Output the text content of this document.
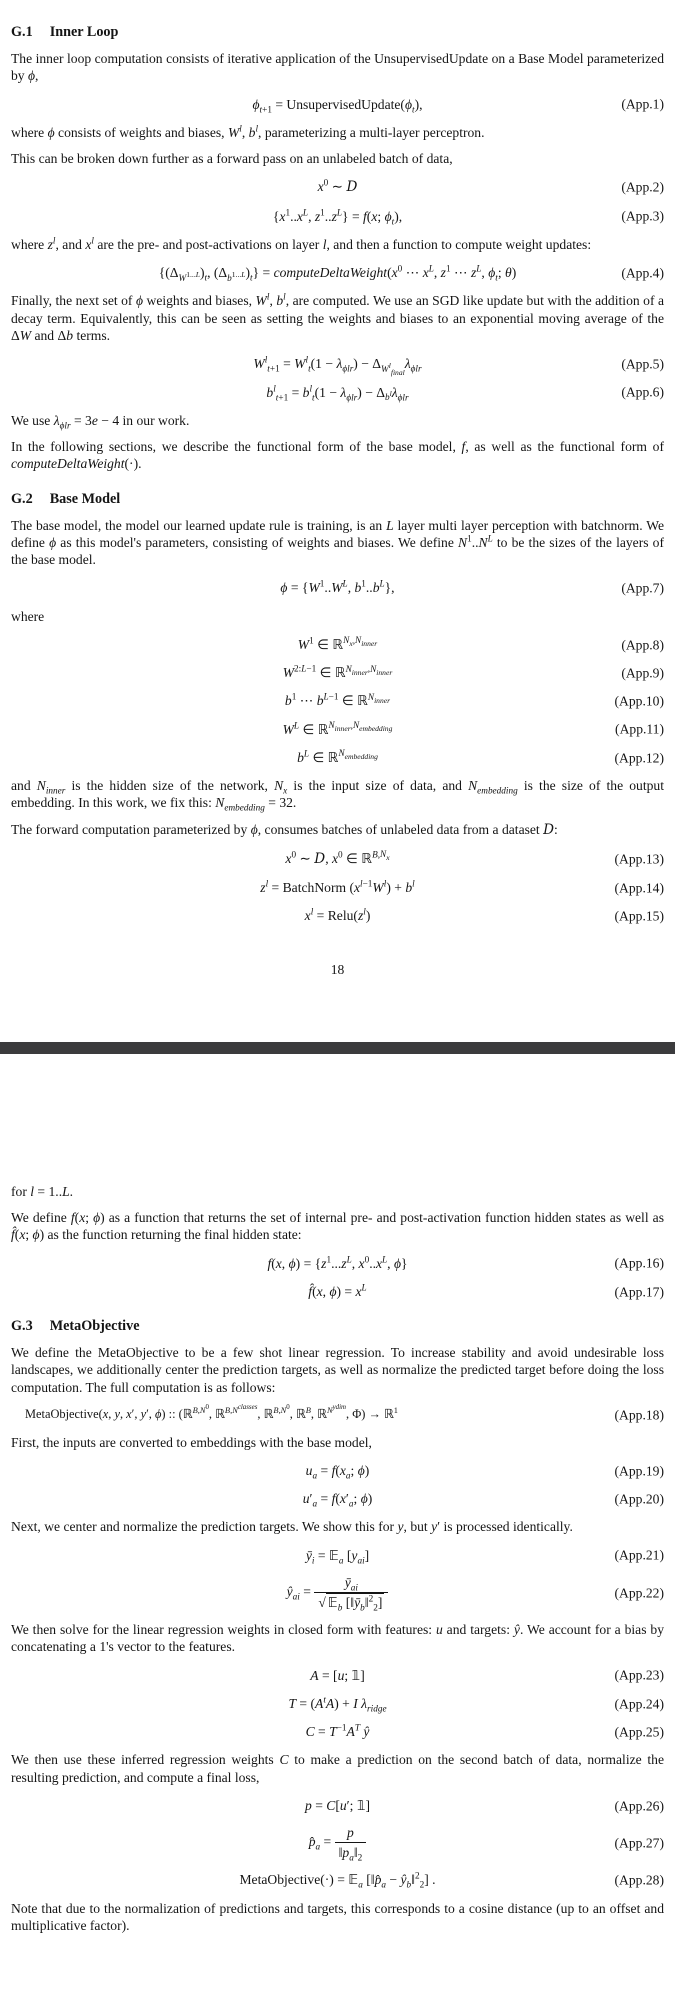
G.1 Inner Loop

The inner loop computation consists of iterative application of the UnsupervisedUpdate on a Base Model parameterized by ϕ,

$\phi_{t+1}$ = $UnsupervisedUpdate(\phi_t)$,	(App.1)

where ϕ consists of weights and biases, $W^l$, $b^l$, parameterizing a multi-layer perceptron.

This can be broken down further as a forward pass on an unlabeled batch of data,

$x^0$ ∼ D	(App.2)
{$x^1..x^L$, $z^1..z^L\} = f(x$; $\phi_t$),	(App.3)

where $z^l$, and $x^l$ are the pre- and post-activations on layer l, and then a function to compute weight updates:

{$(\Delta_{W^{1...L}})_t$, $(\Delta_{b^{1...L}})_t$} = $computeDeltaWeight(x^0$ ⋯ $x^L$, $z^1$ ⋯ $z^L$, $\phi_t$; θ)	(App.4)

Finally, the next set of ϕ weights and biases, $W^l$, $b^l$, are computed. We use an SGD like update but with the addition of a decay term. Equivalently, this can be seen as setting the weights and biases to an exponential moving average of the ΔW and Δb terms.

$W^l_{t+1} = W^l_t(1 - \lambda_{\phi lr}) - \Delta_{W^l_{final}}\lambda_{\phi lr}$	(App.5)
$b^l_{t+1} = b^l_t(1 - \lambda_{\phi lr}) - \Delta_{b^l}\lambda_{\phi lr}$	(App.6)

We use $\lambda_{\phi lr} = 3e - 4$ in our work.

In the following sections, we describe the functional form of the base model, f, as well as the functional form of computeDeltaWeight(·).

G.2 Base Model

The base model, the model our learned update rule is training, is an L layer multi layer perception with batchnorm. We define ϕ as this model's parameters, consisting of weights and biases. We define $N^1..N^L$ to be the sizes of the layers of the base model.

$\phi = \{W^1..W^L$, $b^1..b^L$},	(App.7)

where

$W^1$ ∈ ℝ$^{N_x,N_{inner}}$	(App.8)
$W^{2:L-1}$ ∈ ℝ$^{N_{inner},N_{inner}}$	(App.9)
$b^1$ ⋯ $b^{L-1}$ ∈ ℝ$^{N_{inner}}$	(App.10)
$W^L$ ∈ ℝ$^{N_{inner},N_{embedding}}$	(App.11)
$b^L$ ∈ ℝ$^{N_{embedding}}$	(App.12)

and $N_{inner}$ is the hidden size of the network, $N_x$ is the input size of data, and $N_{embedding}$ is the size of the output embedding. In this work, we fix this: $N_{embedding} = 32$.

The forward computation parameterized by ϕ, consumes batches of unlabeled data from a dataset D:

$x^0$ ∼ D, $x^0$ ∈ ℝ$^{B,N_x}$	(App.13)
$z^l$ = BatchNorm $(x^{l-1}W^l) + b^l$	(App.14)
$x^l$ = $Relu(z^l)$	(App.15)
18

for l = 1..L.

We define f(x; ϕ) as a function that returns the set of internal pre- and post-activation function hidden states as well as f̂(x; ϕ) as the function returning the final hidden state:

f(x, $\phi) = \{z^1...z^L$, $x^0..x^L$, ϕ}	(App.16)
f̂(x, $\phi) = x^L$	(App.17)
G.3 MetaObjective

We define the MetaObjective to be a few shot linear regression. To increase stability and avoid undesirable loss landscapes, we additionally center the prediction targets, as well as normalize the predicted target before doing the loss computation. The full computation is as follows:

MetaObjective(x, y, x′, y′, ϕ) :: (ℝ$^{B,N^0}$, ℝ$^{B,N^{classes}}$, ℝ$^{B,N^0}$, ℝ$^B$, ℝ$^{N^{ydim}}$, Φ) → ℝ$^1$	(App.18)

First, the inputs are converted to embeddings with the base model,

$u_a = f(x_a$; ϕ)	(App.19)
$u'_a = f(x'_a$; ϕ)	(App.20)

Next, we center and normalize the prediction targets. We show this for y, but y′ is processed identically.

$ȳ_i$ = 𝔼$_a$ $[y_{ai}]$	(App.21)
$ŷ_{ai} = \frac{ȳ_{ai}}{√ 𝔼_b [‖ȳ_b‖^2_2]}$	(App.22)

We then solve for the linear regression weights in closed form with features: u and targets: ŷ. We account for a bias by concatenating a 1's vector to the features.

A = [u; 𝟙]	(App.23)
$T = (A^tA) + I$ $\lambda_{ridge}$	(App.24)
$C = T^{-1}A^T$ ŷ	(App.25)

We then use these inferred regression weights C to make a prediction on the second batch of data, normalize the resulting prediction, and compute a final loss,

p = C[u′; 𝟙]	(App.26)
$p̂_a = \frac{p}{‖p_a‖_2}$	(App.27)
MetaObjective(·) = 𝔼$_a$ [$‖p̂_a$ − $ŷ_b‖^2_2$] .	(App.28)

Note that due to the normalization of predictions and targets, this corresponds to a cosine distance (up to an offset and multiplicative factor).
